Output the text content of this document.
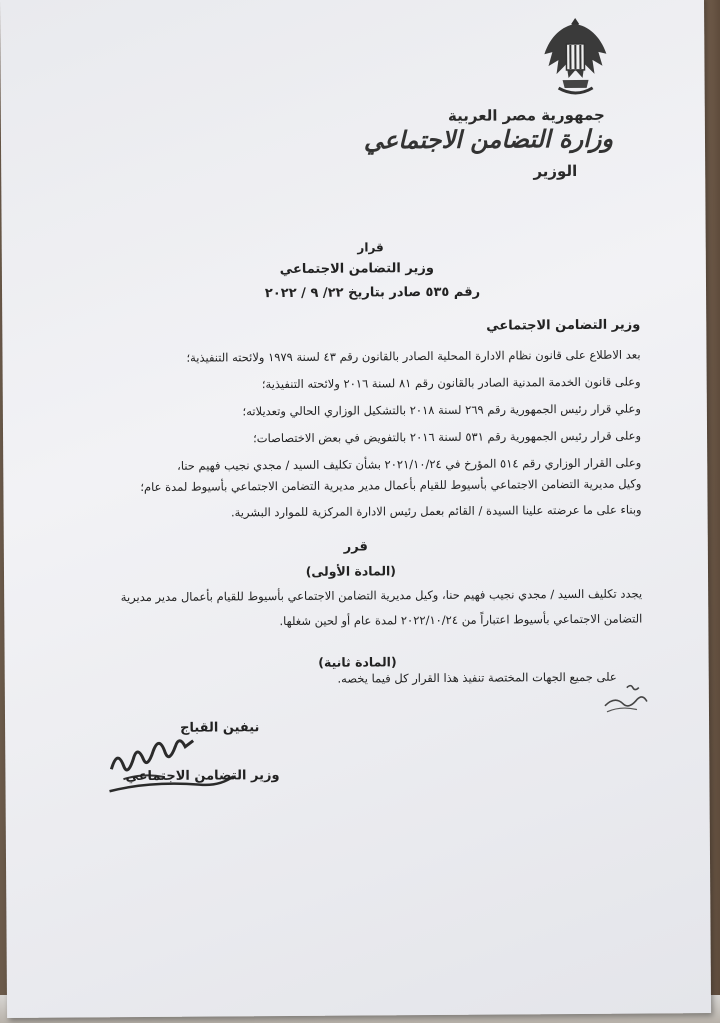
جمهورية مصر العربية
وزارة التضامن الاجتماعي
الوزير
قرار
وزير التضامن الاجتماعي
رقم ٥٣٥ صادر بتاريخ ٢٢/ ٩ / ٢٠٢٢
وزير التضامن الاجتماعي
بعد الاطلاع على قانون نظام الادارة المحلية الصادر بالقانون رقم ٤٣ لسنة ١٩٧٩ ولائحته التنفيذية؛
وعلى قانون الخدمة المدنية الصادر بالقانون رقم ٨١ لسنة ٢٠١٦ ولائحته التنفيذية؛
وعلي قرار رئيس الجمهورية رقم ٢٦٩ لسنة ٢٠١٨ بالتشكيل الوزاري الحالي وتعديلاته؛
وعلى قرار رئيس الجمهورية رقم ٥٣١ لسنة ٢٠١٦ بالتفويض في بعض الاختصاصات؛
وعلى القرار الوزاري رقم ٥١٤ المؤرخ في ٢٠٢١/١٠/٢٤ بشأن تكليف السيد / مجدي نجيب فهيم حنا،
وكيل مديرية التضامن الاجتماعي بأسيوط للقيام بأعمال مدير مديرية التضامن الاجتماعي بأسيوط لمدة عام؛
وبناء على ما عرضته علينا السيدة / القائم بعمل رئيس الادارة المركزية للموارد البشرية.
قرر
(المادة الأولى)
يجدد تكليف السيد / مجدي نجيب فهيم حنا، وكيل مديرية التضامن الاجتماعي بأسيوط للقيام بأعمال مدير مديرية
التضامن الاجتماعي بأسيوط اعتباراً من ٢٠٢٢/١٠/٢٤ لمدة عام أو لحين شغلها.
(المادة ثانية)
على جميع الجهات المختصة تنفيذ هذا القرار كل فيما يخصه.
نيفين القباج
وزير التضامن الاجتماعي
